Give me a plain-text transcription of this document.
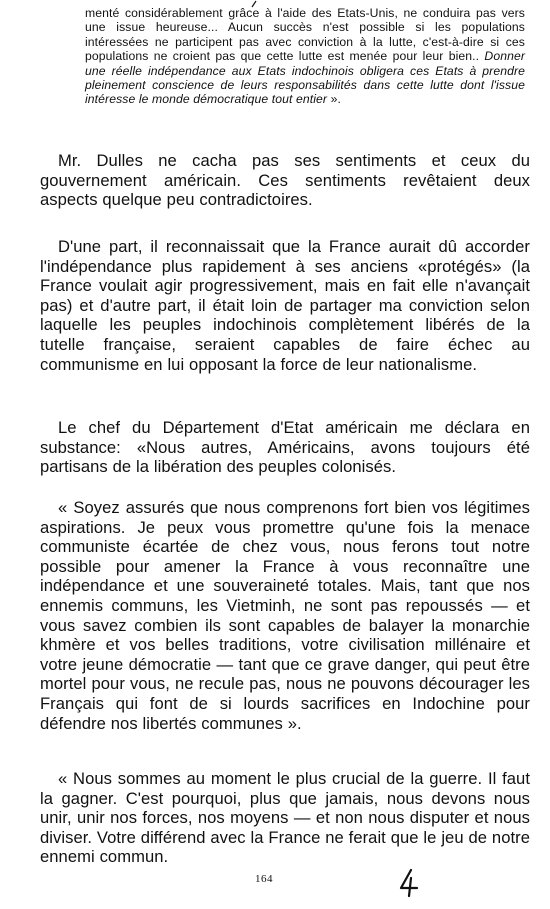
menté considérablement grâce à l'aide des Etats-Unis, ne conduira pas vers une issue heureuse... Aucun succès n'est possible si les populations intéressées ne participent pas avec conviction à la lutte, c'est-à-dire si ces populations ne croient pas que cette lutte est menée pour leur bien.. Donner une réelle indépendance aux Etats indochinois obligera ces Etats à prendre pleinement conscience de leurs responsabilités dans cette lutte dont l'issue intéresse le monde démocratique tout entier ».
Mr. Dulles ne cacha pas ses sentiments et ceux du gouvernement américain. Ces sentiments revêtaient deux aspects quelque peu contradictoires.
D'une part, il reconnaissait que la France aurait dû accorder l'indépendance plus rapidement à ses anciens «protégés» (la France voulait agir progressivement, mais en fait elle n'avançait pas) et d'autre part, il était loin de partager ma conviction selon laquelle les peuples indochinois complètement libérés de la tutelle française, seraient capables de faire échec au communisme en lui opposant la force de leur nationalisme.
Le chef du Département d'Etat américain me déclara en substance: «Nous autres, Américains, avons toujours été partisans de la libération des peuples colonisés.
« Soyez assurés que nous comprenons fort bien vos légitimes aspirations. Je peux vous promettre qu'une fois la menace communiste écartée de chez vous, nous ferons tout notre possible pour amener la France à vous reconnaître une indépendance et une souveraineté totales. Mais, tant que nos ennemis communs, les Vietminh, ne sont pas repoussés — et vous savez combien ils sont capables de balayer la monarchie khmère et vos belles traditions, votre civilisation millénaire et votre jeune démocratie — tant que ce grave danger, qui peut être mortel pour vous, ne recule pas, nous ne pouvons décourager les Français qui font de si lourds sacrifices en Indochine pour défendre nos libertés communes ».
« Nous sommes au moment le plus crucial de la guerre. Il faut la gagner. C'est pourquoi, plus que jamais, nous devons nous unir, unir nos forces, nos moyens — et non nous disputer et nous diviser. Votre différend avec la France ne ferait que le jeu de notre ennemi commun.
164
